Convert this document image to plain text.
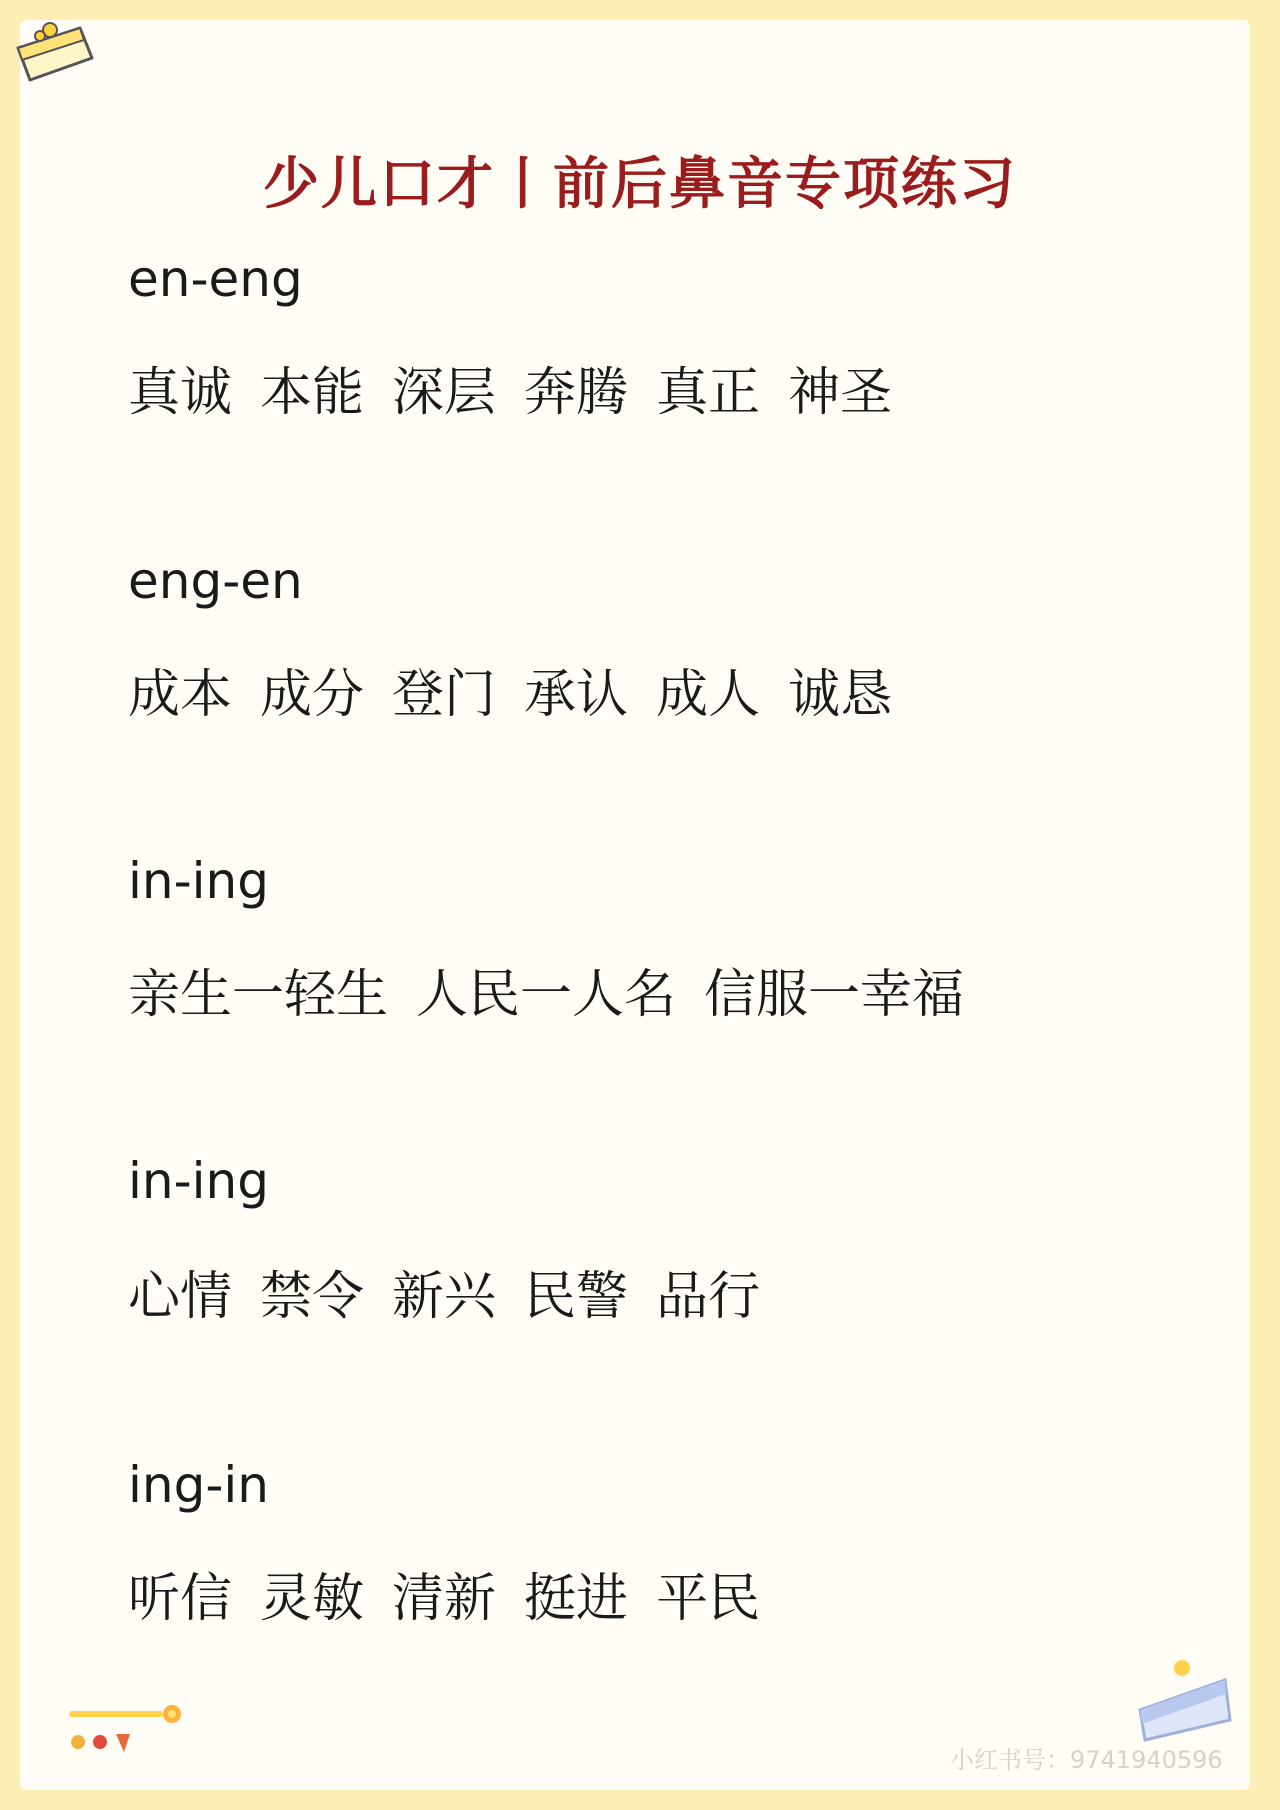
少儿口才丨前后鼻音专项练习
en-eng
真诚 本能 深层 奔腾 真正 神圣
eng-en
成本 成分 登门 承认 成人 诚恳
in-ing
亲生一轻生 人民一人名 信服一幸福
in-ing
心情 禁令 新兴 民警 品行
ing-in
听信 灵敏 清新 挺进 平民
小红书号：9741940596
